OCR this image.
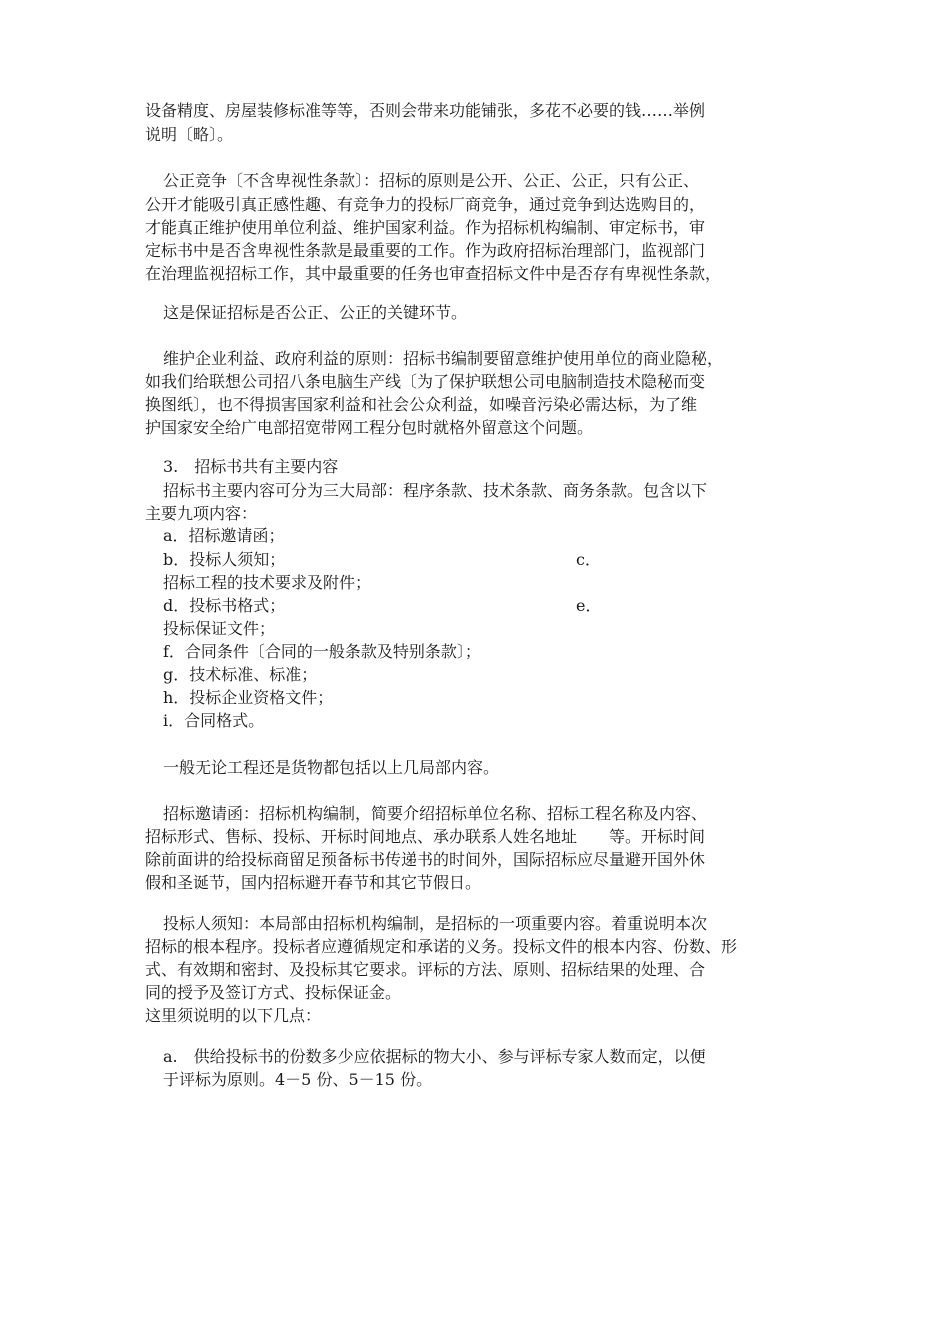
设备精度、房屋装修标准等等，否则会带来功能铺张，多花不必要的钱……举例
说明〔略〕。
公正竞争〔不含卑视性条款〕：招标的原则是公开、公正、公正，只有公正、
公开才能吸引真正感性趣、有竞争力的投标厂商竞争，通过竞争到达选购目的，
才能真正维护使用单位利益、维护国家利益。作为招标机构编制、审定标书，审
定标书中是否含卑视性条款是最重要的工作。作为政府招标治理部门，监视部门
在治理监视招标工作，其中最重要的任务也审查招标文件中是否存有卑视性条款，
这是保证招标是否公正、公正的关键环节。
维护企业利益、政府利益的原则：招标书编制要留意维护使用单位的商业隐秘，
如我们给联想公司招八条电脑生产线〔为了保护联想公司电脑制造技术隐秘而变
换图纸〕，也不得损害国家利益和社会公众利益，如噪音污染必需达标，为了维
护国家安全给广电部招宽带网工程分包时就格外留意这个问题。
3.　招标书共有主要内容
招标书主要内容可分为三大局部：程序条款、技术条款、商务条款。包含以下
主要九项内容：
a．招标邀请函；
b．投标人须知；	c．
招标工程的技术要求及附件；
d．投标书格式；	e．
投标保证文件；
f．合同条件〔合同的一般条款及特别条款〕；
g．技术标准、标准；
h．投标企业资格文件；
i．合同格式。
一般无论工程还是货物都包括以上几局部内容。
招标邀请函：招标机构编制，简要介绍招标单位名称、招标工程名称及内容、
招标形式、售标、投标、开标时间地点、承办联系人姓名地址　　等。开标时间
除前面讲的给投标商留足预备标书传递书的时间外，国际招标应尽量避开国外休
假和圣诞节，国内招标避开春节和其它节假日。
投标人须知：本局部由招标机构编制，是招标的一项重要内容。着重说明本次
招标的根本程序。投标者应遵循规定和承诺的义务。投标文件的根本内容、份数、形
式、有效期和密封、及投标其它要求。评标的方法、原则、招标结果的处理、合
同的授予及签订方式、投标保证金。
这里须说明的以下几点：
a.　供给投标书的份数多少应依据标的物大小、参与评标专家人数而定，以便
于评标为原则。4－5 份、5－15 份。
